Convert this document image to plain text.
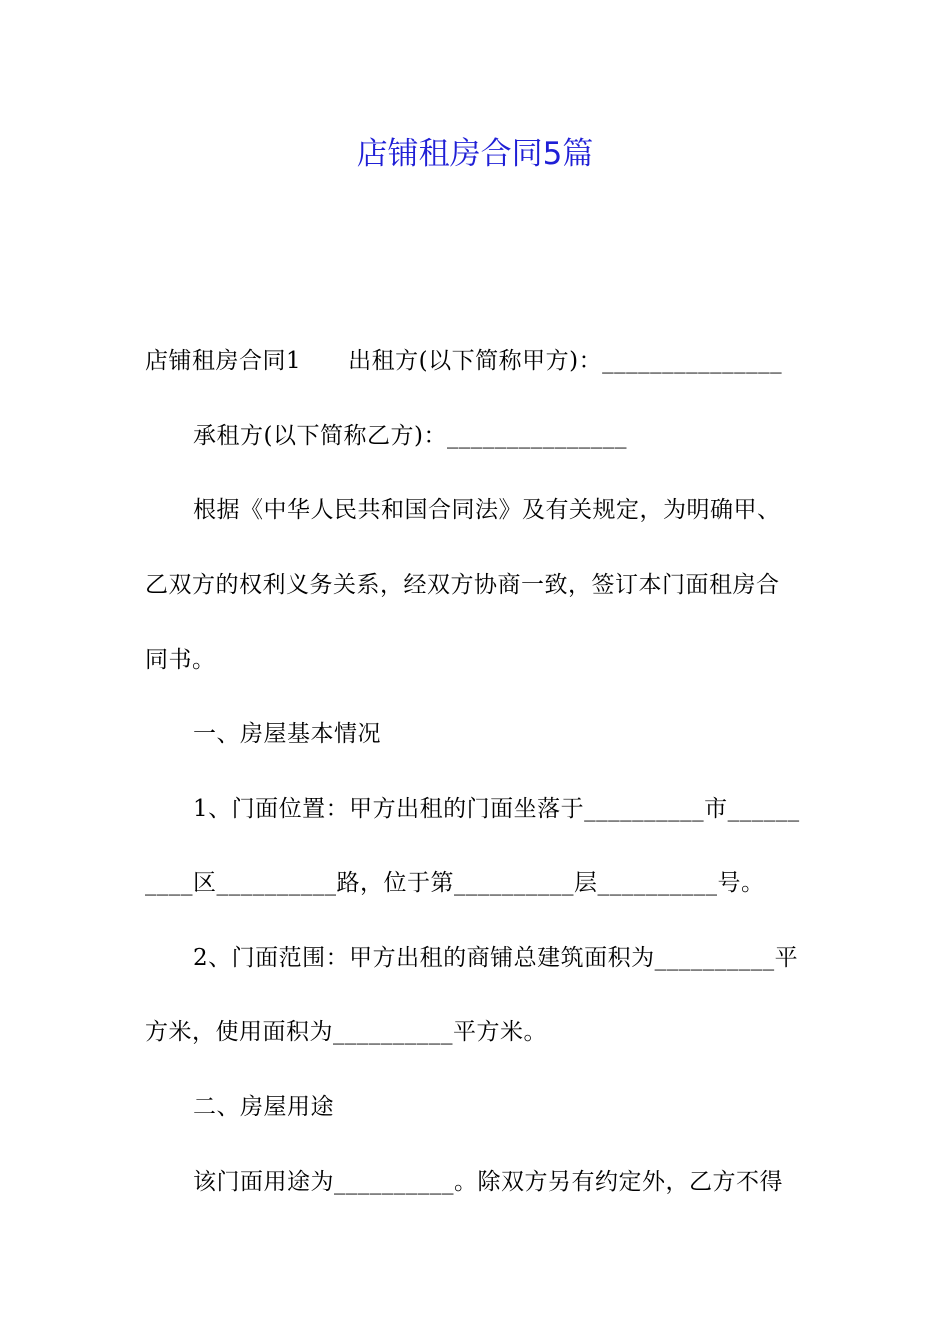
店铺租房合同5篇
店铺租房合同1　　出租方(以下简称甲方)：_______________
承租方(以下简称乙方)：_______________
根据《中华人民共和国合同法》及有关规定，为明确甲、
乙双方的权利义务关系，经双方协商一致，签订本门面租房合
同书。
一、房屋基本情况
1、门面位置：甲方出租的门面坐落于__________市______
____区__________路，位于第__________层__________号。
2、门面范围：甲方出租的商铺总建筑面积为__________平
方米，使用面积为__________平方米。
二、房屋用途
该门面用途为__________。除双方另有约定外，乙方不得
